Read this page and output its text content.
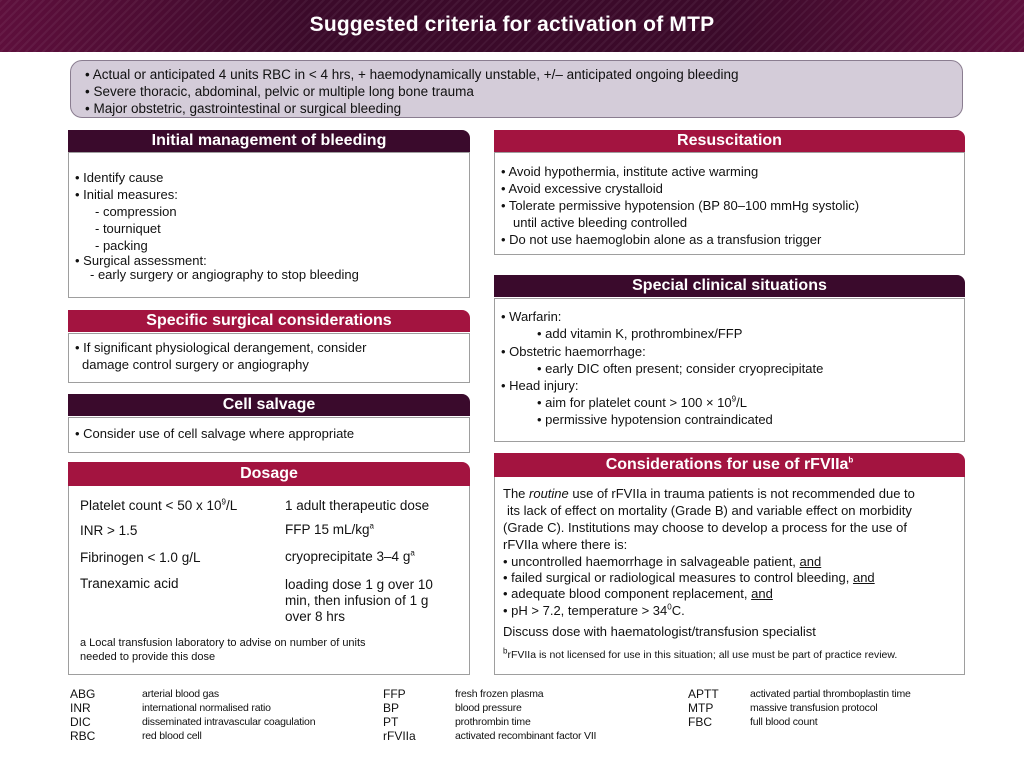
Suggested criteria for activation of MTP
• Actual or anticipated 4 units RBC in < 4 hrs, + haemodynamically unstable, +/– anticipated ongoing bleeding
• Severe thoracic, abdominal, pelvic or multiple long bone trauma
• Major obstetric, gastrointestinal or surgical bleeding
• Identify cause
• Initial measures:
- compression
- tourniquet
- packing
• Surgical assessment:
- early surgery or angiography to stop bleeding
Initial management of bleeding
• If significant physiological derangement, consider
damage control surgery or angiography
Specific surgical considerations
• Consider use of cell salvage where appropriate
Cell salvage
Dosage
Platelet count < 50 x $10^9/L$	1 adult therapeutic dose
INR > 1.5	FFP 15 $mL/kg^a$
Fibrinogen < 1.0 g/L	cryoprecipitate 3–4 $g^a$
Tranexamic acid	loading dose 1 g over 10 min, then infusion of 1 g over 8 hrs
a Local transfusion laboratory to advise on number of units
needed to provide this dose
• Avoid hypothermia, institute active warming
• Avoid excessive crystalloid
• Tolerate permissive hypotension (BP 80–100 mmHg systolic)
until active bleeding controlled
• Do not use haemoglobin alone as a transfusion trigger
Resuscitation
• Warfarin:
• add vitamin K, prothrombinex/FFP
• Obstetric haemorrhage:
• early DIC often present; consider cryoprecipitate
• Head injury:
• aim for platelet count > $100 \times 10^9/L$
• permissive hypotension contraindicated
Special clinical situations
The routine use of rFVIIa in trauma patients is not recommended due to
its lack of effect on mortality (Grade B) and variable effect on morbidity
(Grade C). Institutions may choose to develop a process for the use of
rFVIIa where there is:
• uncontrolled haemorrhage in salvageable patient, and
• failed surgical or radiological measures to control bleeding, and
• adequate blood component replacement, and
• pH > 7.2, temperature > $34^0C$.
Discuss dose with haematologist/transfusion specialist
$^b$rFVIIa is not licensed for use in this situation; all use must be part of practice review.
Considerations for use of rFVIIa$^b$
ABG	arterial blood gas
INR	international normalised ratio
DIC	disseminated intravascular coagulation
RBC	red blood cell
FFP	fresh frozen plasma
BP	blood pressure
PT	prothrombin time
rFVIIa	activated recombinant factor VII
APTT	activated partial thromboplastin time
MTP	massive transfusion protocol
FBC	full blood count
